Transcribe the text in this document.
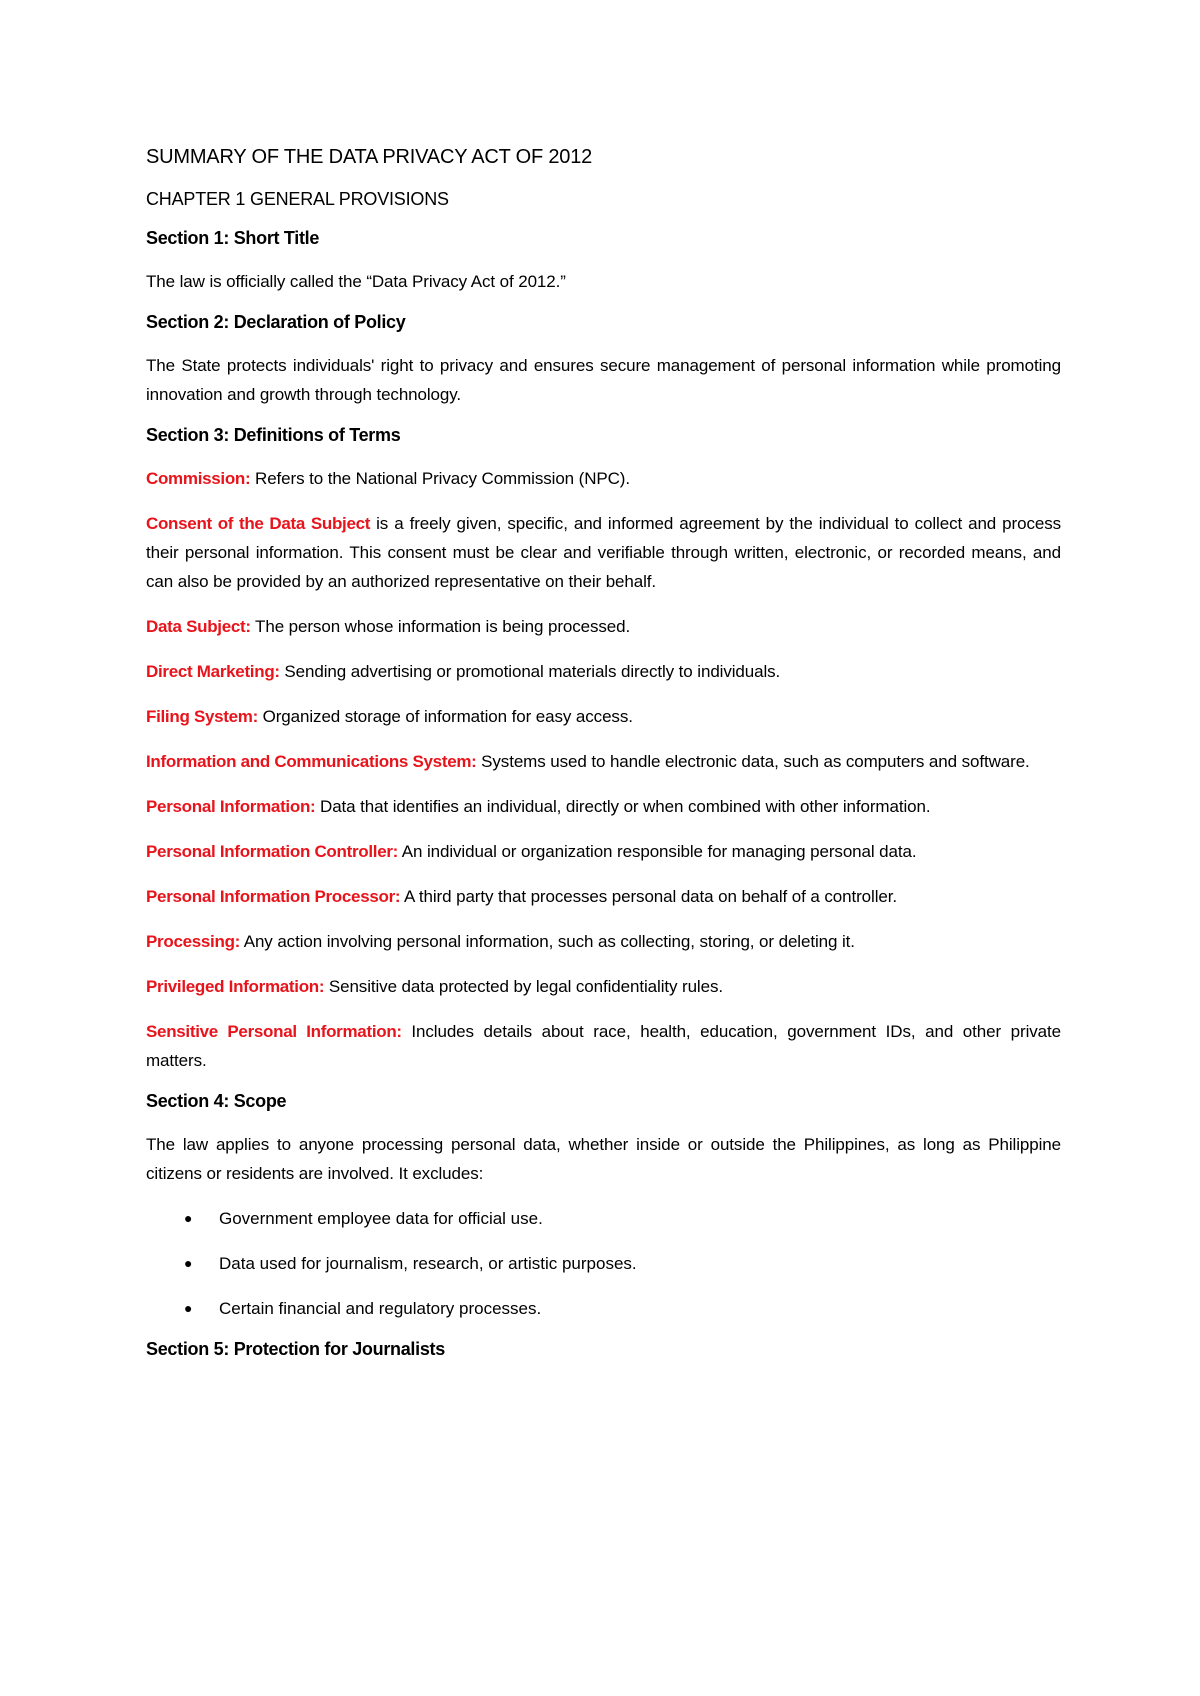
SUMMARY OF THE DATA PRIVACY ACT OF 2012
CHAPTER 1 GENERAL PROVISIONS
Section 1: Short Title

The law is officially called the “Data Privacy Act of 2012.”

Section 2: Declaration of Policy

The State protects individuals' right to privacy and ensures secure management of personal information while promoting innovation and growth through technology.

Section 3: Definitions of Terms

Commission: Refers to the National Privacy Commission (NPC).

Consent of the Data Subject is a freely given, specific, and informed agreement by the individual to collect and process their personal information. This consent must be clear and verifiable through written, electronic, or recorded means, and can also be provided by an authorized representative on their behalf.

Data Subject: The person whose information is being processed.

Direct Marketing: Sending advertising or promotional materials directly to individuals.

Filing System: Organized storage of information for easy access.

Information and Communications System: Systems used to handle electronic data, such as computers and software.

Personal Information: Data that identifies an individual, directly or when combined with other information.

Personal Information Controller: An individual or organization responsible for managing personal data.

Personal Information Processor: A third party that processes personal data on behalf of a controller.

Processing: Any action involving personal information, such as collecting, storing, or deleting it.

Privileged Information: Sensitive data protected by legal confidentiality rules.

Sensitive Personal Information: Includes details about race, health, education, government IDs, and other private matters.

Section 4: Scope

The law applies to anyone processing personal data, whether inside or outside the Philippines, as long as Philippine citizens or residents are involved. It excludes:

● Government employee data for official use.
● Data used for journalism, research, or artistic purposes.
● Certain financial and regulatory processes.
Section 5: Protection for Journalists
